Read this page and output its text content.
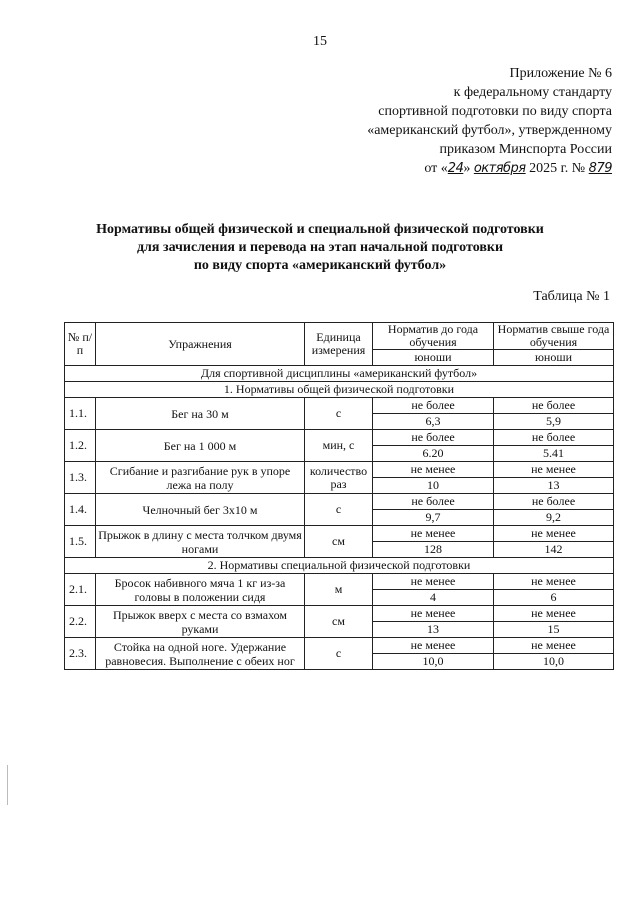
15
Приложение № 6
к федеральному стандарту
спортивной подготовки по виду спорта
«американский футбол», утвержденному
приказом Минспорта России
от «24» октября 2025 г. № 879
Нормативы общей физической и специальной физической подготовки
для зачисления и перевода на этап начальной подготовки
по виду спорта «американский футбол»
Таблица № 1
№ п/п	Упражнения	Единица измерения	Норматив до года обучения	Норматив свыше года обучения
			юноши	юноши
Для спортивной дисциплины «американский футбол»				
1. Нормативы общей физической подготовки				
1.1.	Бег на 30 м	с	не более	не более
			6,3	5,9
1.2.	Бег на 1 000 м	мин, с	не более	не более
			6.20	5.41
1.3.	Сгибание и разгибание рук в упоре лежа на полу	количество раз	не менее	не менее
			10	13
1.4.	Челночный бег 3х10 м	с	не более	не более
			9,7	9,2
1.5.	Прыжок в длину с места толчком двумя ногами	см	не менее	не менее
			128	142
2. Нормативы специальной физической подготовки				
2.1.	Бросок набивного мяча 1 кг из-за головы в положении сидя	м	не менее	не менее
			4	6
2.2.	Прыжок вверх с места со взмахом руками	см	не менее	не менее
			13	15
2.3.	Стойка на одной ноге. Удержание равновесия. Выполнение с обеих ног	с	не менее	не менее
			10,0	10,0
